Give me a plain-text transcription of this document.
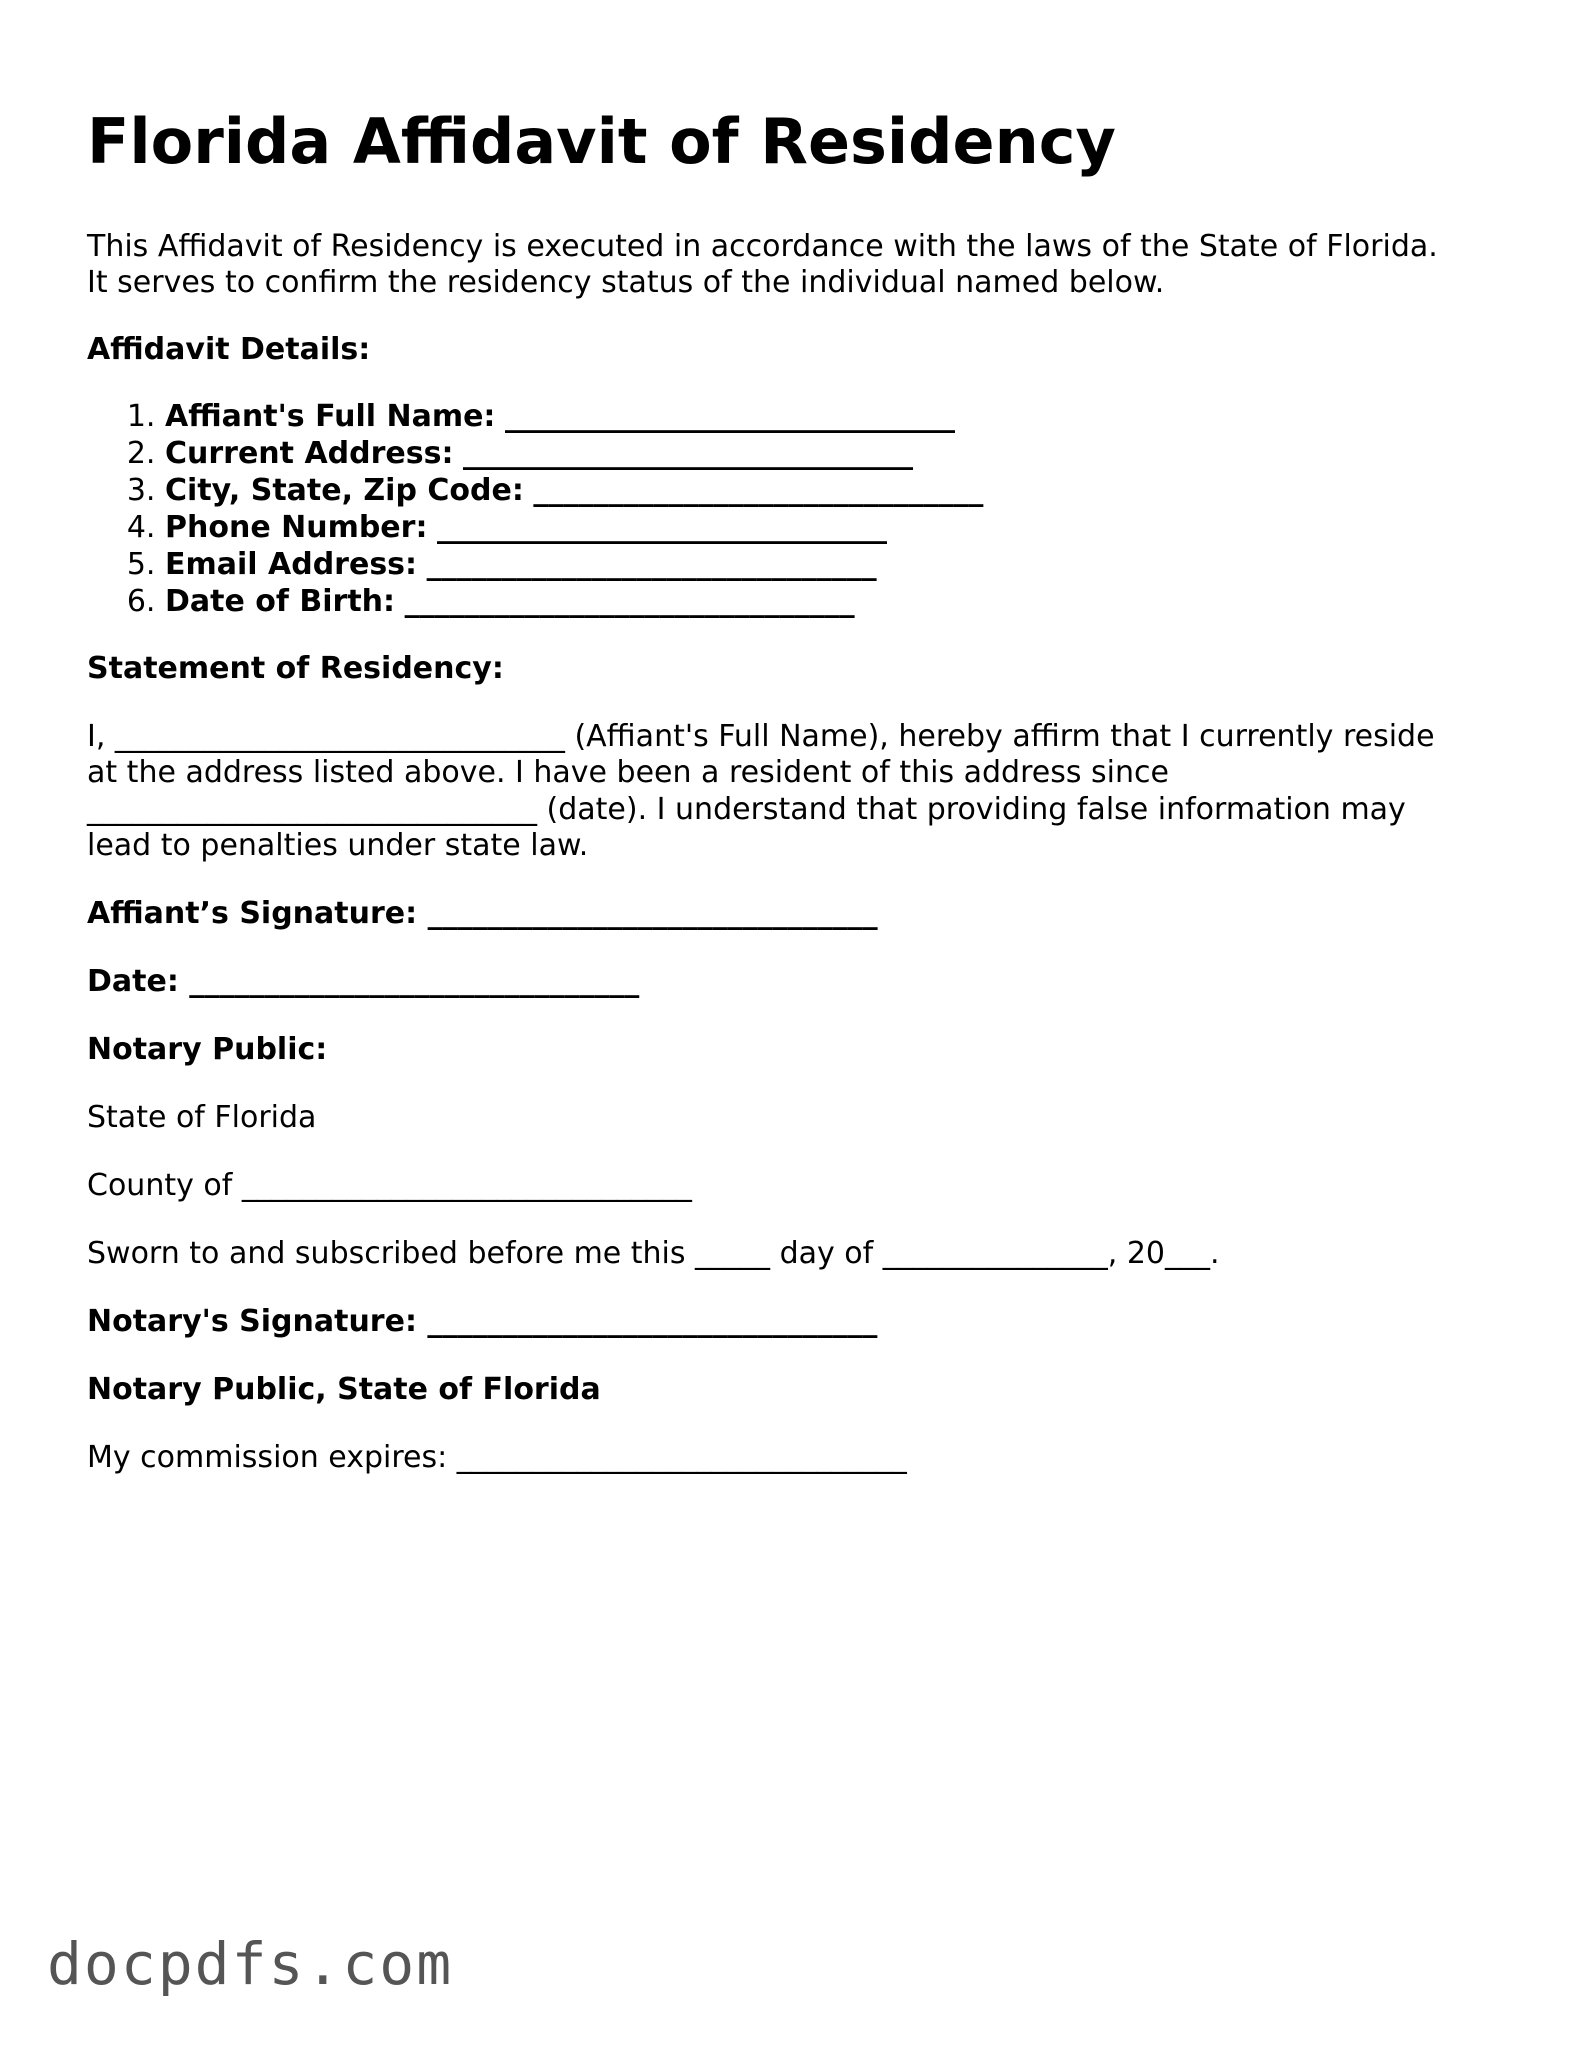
Florida Affidavit of Residency

This Affidavit of Residency is executed in accordance with the laws of the State of Florida.

It serves to confirm the residency status of the individual named below.

Affidavit Details:

1. Affiant's Full Name: ______________________________
2. Current Address: ______________________________
3. City, State, Zip Code: ______________________________
4. Phone Number: ______________________________
5. Email Address: ______________________________
6. Date of Birth: ______________________________

Statement of Residency:

I, ______________________________ (Affiant's Full Name), hereby affirm that I currently reside

at the address listed above. I have been a resident of this address since

______________________________ (date). I understand that providing false information may

lead to penalties under state law.

Affiant’s Signature: ______________________________

Date: ______________________________

Notary Public:

State of Florida

County of ______________________________

Sworn to and subscribed before me this _____ day of _______________, 20___.

Notary's Signature: ______________________________

Notary Public, State of Florida

My commission expires: ______________________________

docpdfs.com
